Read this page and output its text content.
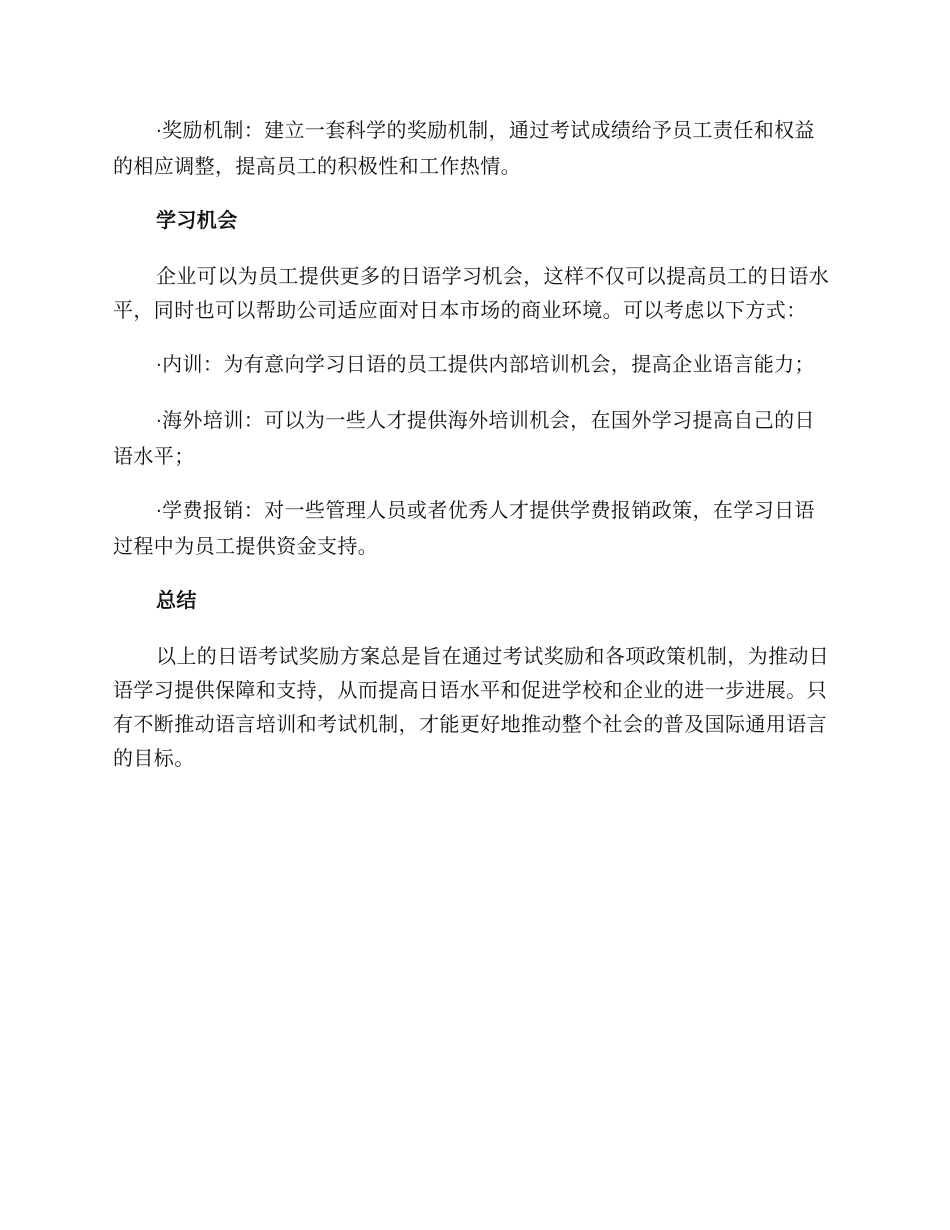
·奖励机制：建立一套科学的奖励机制，通过考试成绩给予员工责任和权益的相应调整，提高员工的积极性和工作热情。

学习机会

企业可以为员工提供更多的日语学习机会，这样不仅可以提高员工的日语水平，同时也可以帮助公司适应面对日本市场的商业环境。可以考虑以下方式：

·内训：为有意向学习日语的员工提供内部培训机会，提高企业语言能力；

·海外培训：可以为一些人才提供海外培训机会，在国外学习提高自己的日语水平；

·学费报销：对一些管理人员或者优秀人才提供学费报销政策，在学习日语过程中为员工提供资金支持。

总结

以上的日语考试奖励方案总是旨在通过考试奖励和各项政策机制，为推动日语学习提供保障和支持，从而提高日语水平和促进学校和企业的进一步进展。只有不断推动语言培训和考试机制，才能更好地推动整个社会的普及国际通用语言的目标。
